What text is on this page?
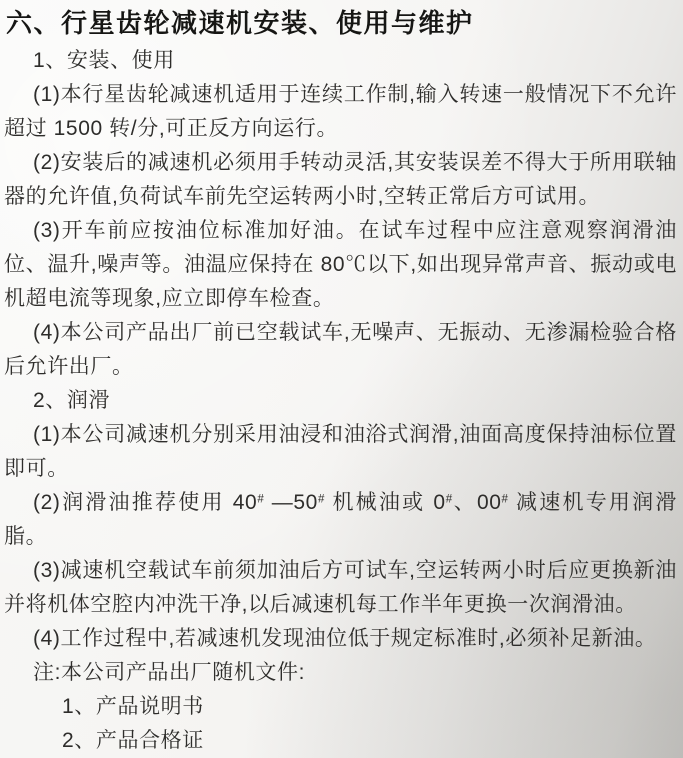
六、行星齿轮减速机安装、使用与维护

1、安装、使用

(1)本行星齿轮减速机适用于连续工作制,输入转速一般情况下不允许超过 1500 转/分,可正反方向运行。

(2)安装后的减速机必须用手转动灵活,其安装误差不得大于所用联轴器的允许值,负荷试车前先空运转两小时,空转正常后方可试用。

(3)开车前应按油位标准加好油。在试车过程中应注意观察润滑油位、温升,噪声等。油温应保持在 80℃以下,如出现异常声音、振动或电机超电流等现象,应立即停车检查。

(4)本公司产品出厂前已空载试车,无噪声、无振动、无渗漏检验合格后允许出厂。

2、润滑

(1)本公司减速机分别采用油浸和油浴式润滑,油面高度保持油标位置即可。

(2)润滑油推荐使用 40# —50# 机械油或 0#、00# 减速机专用润滑脂。

(3)减速机空载试车前须加油后方可试车,空运转两小时后应更换新油并将机体空腔内冲洗干净,以后减速机每工作半年更换一次润滑油。

(4)工作过程中,若减速机发现油位低于规定标准时,必须补足新油。

注:本公司产品出厂随机文件:

1、产品说明书

2、产品合格证
